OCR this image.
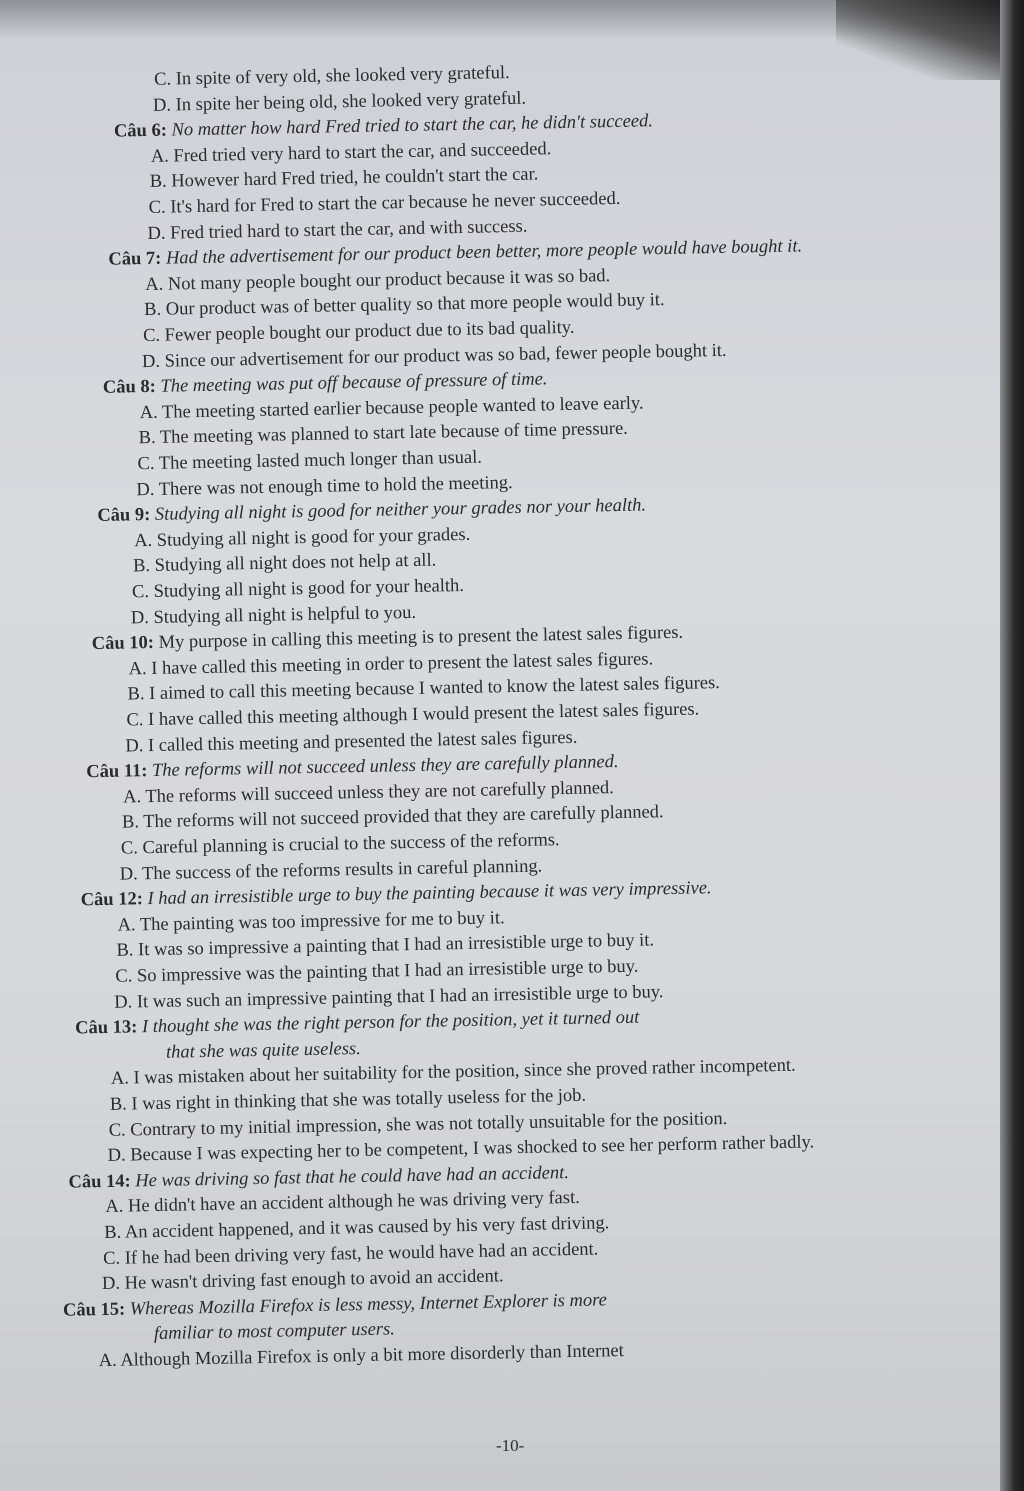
C. In spite of very old, she looked very grateful.
D. In spite her being old, she looked very grateful.
Câu 6: No matter how hard Fred tried to start the car, he didn't succeed.
A. Fred tried very hard to start the car, and succeeded.
B. However hard Fred tried, he couldn't start the car.
C. It's hard for Fred to start the car because he never succeeded.
D. Fred tried hard to start the car, and with success.
Câu 7: Had the advertisement for our product been better, more people would have bought it.
A. Not many people bought our product because it was so bad.
B. Our product was of better quality so that more people would buy it.
C. Fewer people bought our product due to its bad quality.
D. Since our advertisement for our product was so bad, fewer people bought it.
Câu 8: The meeting was put off because of pressure of time.
A. The meeting started earlier because people wanted to leave early.
B. The meeting was planned to start late because of time pressure.
C. The meeting lasted much longer than usual.
D. There was not enough time to hold the meeting.
Câu 9: Studying all night is good for neither your grades nor your health.
A. Studying all night is good for your grades.
B. Studying all night does not help at all.
C. Studying all night is good for your health.
D. Studying all night is helpful to you.
Câu 10: My purpose in calling this meeting is to present the latest sales figures.
A. I have called this meeting in order to present the latest sales figures.
B. I aimed to call this meeting because I wanted to know the latest sales figures.
C. I have called this meeting although I would present the latest sales figures.
D. I called this meeting and presented the latest sales figures.
Câu 11: The reforms will not succeed unless they are carefully planned.
A. The reforms will succeed unless they are not carefully planned.
B. The reforms will not succeed provided that they are carefully planned.
C. Careful planning is crucial to the success of the reforms.
D. The success of the reforms results in careful planning.
Câu 12: I had an irresistible urge to buy the painting because it was very impressive.
A. The painting was too impressive for me to buy it.
B. It was so impressive a painting that I had an irresistible urge to buy it.
C. So impressive was the painting that I had an irresistible urge to buy.
D. It was such an impressive painting that I had an irresistible urge to buy.
Câu 13: I thought she was the right person for the position, yet it turned out
that she was quite useless.
A. I was mistaken about her suitability for the position, since she proved rather incompetent.
B. I was right in thinking that she was totally useless for the job.
C. Contrary to my initial impression, she was not totally unsuitable for the position.
D. Because I was expecting her to be competent, I was shocked to see her perform rather badly.
Câu 14: He was driving so fast that he could have had an accident.
A. He didn't have an accident although he was driving very fast.
B. An accident happened, and it was caused by his very fast driving.
C. If he had been driving very fast, he would have had an accident.
D. He wasn't driving fast enough to avoid an accident.
Câu 15: Whereas Mozilla Firefox is less messy, Internet Explorer is more
familiar to most computer users.
A. Although Mozilla Firefox is only a bit more disorderly than Internet
-10-
